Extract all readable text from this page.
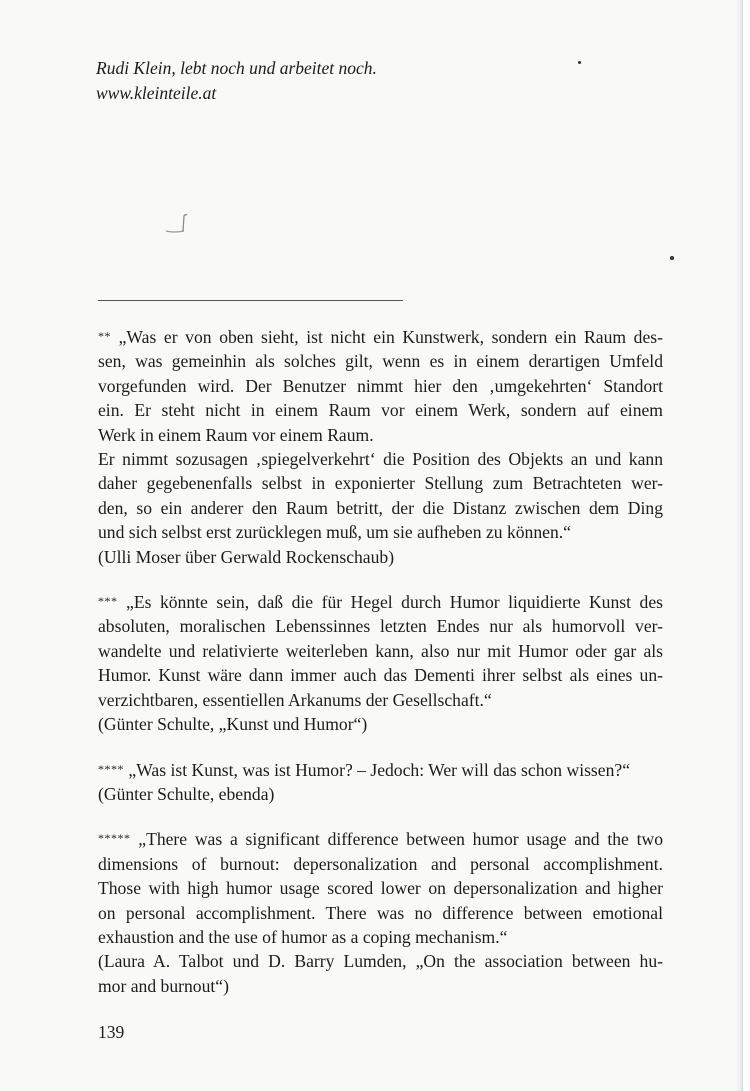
Rudi Klein, lebt noch und arbeitet noch.
www.kleinteile.at

** „Was er von oben sieht, ist nicht ein Kunstwerk, sondern ein Raum des-
sen, was gemeinhin als solches gilt, wenn es in einem derartigen Umfeld
vorgefunden wird. Der Benutzer nimmt hier den ‚umgekehrten‘ Standort
ein. Er steht nicht in einem Raum vor einem Werk, sondern auf einem
Werk in einem Raum vor einem Raum.
Er nimmt sozusagen ‚spiegelverkehrt‘ die Position des Objekts an und kann
daher gegebenenfalls selbst in exponierter Stellung zum Betrachteten wer-
den, so ein anderer den Raum betritt, der die Distanz zwischen dem Ding
und sich selbst erst zurücklegen muß, um sie aufheben zu können.“
(Ulli Moser über Gerwald Rockenschaub)

*** „Es könnte sein, daß die für Hegel durch Humor liquidierte Kunst des
absoluten, moralischen Lebenssinnes letzten Endes nur als humorvoll ver-
wandelte und relativierte weiterleben kann, also nur mit Humor oder gar als
Humor. Kunst wäre dann immer auch das Dementi ihrer selbst als eines un-
verzichtbaren, essentiellen Arkanums der Gesellschaft.“
(Günter Schulte, „Kunst und Humor“)

**** „Was ist Kunst, was ist Humor? – Jedoch: Wer will das schon wissen?“
(Günter Schulte, ebenda)

***** „There was a significant difference between humor usage and the two
dimensions of burnout: depersonalization and personal accomplishment.
Those with high humor usage scored lower on depersonalization and higher
on personal accomplishment. There was no difference between emotional
exhaustion and the use of humor as a coping mechanism.“
(Laura A. Talbot und D. Barry Lumden, „On the association between hu-
mor and burnout“)

139
